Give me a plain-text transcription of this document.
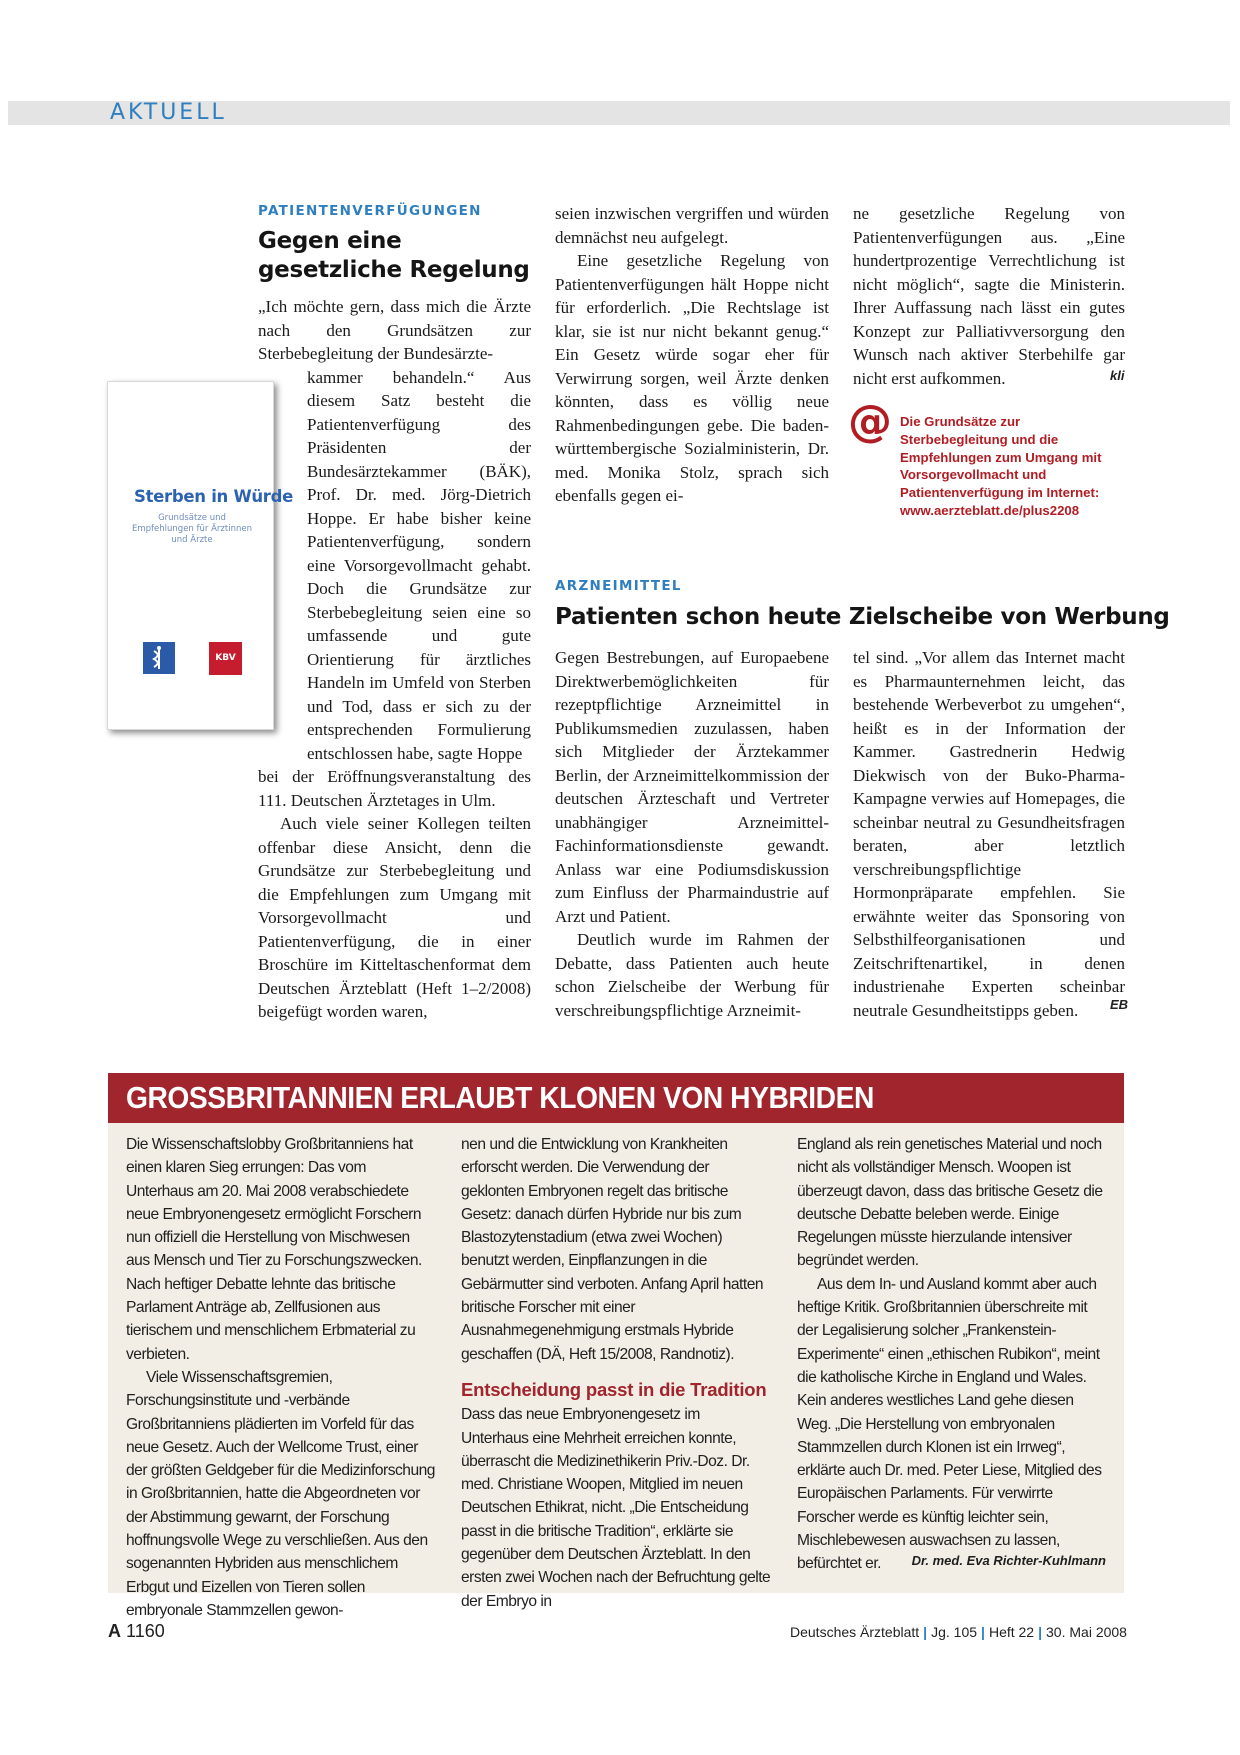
AKTUELL
PATIENTENVERFÜGUNGEN
Gegen eine gesetzliche Regelung

„Ich möchte gern, dass mich die Ärzte nach den Grundsätzen zur Sterbebegleitung der Bundesärzte-

kammer behandeln.“ Aus diesem Satz besteht die Patientenverfügung des Präsidenten der Bundesärztekammer (BÄK), Prof. Dr. med. Jörg-Dietrich Hoppe. Er habe bisher keine Patientenverfügung, sondern eine Vorsorgevollmacht gehabt. Doch die Grundsätze zur Sterbebegleitung seien eine so umfassende und gute Orientierung für ärztliches Handeln im Umfeld von Sterben und Tod, dass er sich zu der entsprechenden Formulierung entschlossen habe, sagte Hoppe

bei der Eröffnungsveranstaltung des 111. Deutschen Ärztetages in Ulm.

Auch viele seiner Kollegen teilten offenbar diese Ansicht, denn die Grundsätze zur Sterbebegleitung und die Empfehlungen zum Umgang mit Vorsorgevollmacht und Patientenverfügung, die in einer Broschüre im Kitteltaschenformat dem Deutschen Ärzteblatt (Heft 1–2/2008) beigefügt worden waren,

Sterben in Würde
Grundsätze und Empfehlungen für Ärztinnen und Ärzte
KBV

seien inzwischen vergriffen und würden demnächst neu aufgelegt.

Eine gesetzliche Regelung von Patientenverfügungen hält Hoppe nicht für erforderlich. „Die Rechtslage ist klar, sie ist nur nicht bekannt genug.“ Ein Gesetz würde sogar eher für Verwirrung sorgen, weil Ärzte denken könnten, dass es völlig neue Rahmenbedingungen gebe. Die baden-württembergische Sozialministerin, Dr. med. Monika Stolz, sprach sich ebenfalls gegen ei-

ne gesetzliche Regelung von Patientenverfügungen aus. „Eine hundertprozentige Verrechtlichung ist nicht möglich“, sagte die Ministerin. Ihrer Auffassung nach lässt ein gutes Konzept zur Palliativversorgung den Wunsch nach aktiver Sterbehilfe gar nicht erst aufkommen.	kli
@ Die Grundsätze zur Sterbebegleitung und die Empfehlungen zum Umgang mit Vorsorgevollmacht und Patientenverfügung im Internet: www.aerzteblatt.de/plus2208
ARZNEIMITTEL
Patienten schon heute Zielscheibe von Werbung

Gegen Bestrebungen, auf Europaebene Direktwerbemöglichkeiten für rezeptpflichtige Arzneimittel in Publikumsmedien zuzulassen, haben sich Mitglieder der Ärztekammer Berlin, der Arzneimittelkommission der deutschen Ärzteschaft und Vertreter unabhängiger Arzneimittel-Fachinformationsdienste gewandt. Anlass war eine Podiumsdiskussion zum Einfluss der Pharmaindustrie auf Arzt und Patient.

Deutlich wurde im Rahmen der Debatte, dass Patienten auch heute schon Zielscheibe der Werbung für verschreibungspflichtige Arzneimit-

tel sind. „Vor allem das Internet macht es Pharmaunternehmen leicht, das bestehende Werbeverbot zu umgehen“, heißt es in der Information der Kammer. Gastrednerin Hedwig Diekwisch von der Buko-Pharma-Kampagne verwies auf Homepages, die scheinbar neutral zu Gesundheitsfragen beraten, aber letztlich verschreibungspflichtige Hormonpräparate empfehlen. Sie erwähnte weiter das Sponsoring von Selbsthilfeorganisationen und Zeitschriftenartikel, in denen industrienahe Experten scheinbar neutrale Gesundheitstipps geben.	EB
GROSSBRITANNIEN ERLAUBT KLONEN VON HYBRIDEN

Die Wissenschaftslobby Großbritanniens hat einen klaren Sieg errungen: Das vom Unterhaus am 20. Mai 2008 verabschiedete neue Embryonengesetz ermöglicht Forschern nun offiziell die Herstellung von Mischwesen aus Mensch und Tier zu Forschungszwecken. Nach heftiger Debatte lehnte das britische Parlament Anträge ab, Zellfusionen aus tierischem und menschlichem Erbmaterial zu verbieten.

Viele Wissenschaftsgremien, Forschungsinstitute und -verbände Großbritanniens plädierten im Vorfeld für das neue Gesetz. Auch der Wellcome Trust, einer der größten Geldgeber für die Medizinforschung in Großbritannien, hatte die Abgeordneten vor der Abstimmung gewarnt, der Forschung hoffnungsvolle Wege zu verschließen. Aus den sogenannten Hybriden aus menschlichem Erbgut und Eizellen von Tieren sollen embryonale Stammzellen gewon-

nen und die Entwicklung von Krankheiten erforscht werden. Die Verwendung der geklonten Embryonen regelt das britische Gesetz: danach dürfen Hybride nur bis zum Blastozytenstadium (etwa zwei Wochen) benutzt werden, Einpflanzungen in die Gebärmutter sind verboten. Anfang April hatten britische Forscher mit einer Ausnahmegenehmigung erstmals Hybride geschaffen (DÄ, Heft 15/2008, Randnotiz).

Entscheidung passt in die Tradition

Dass das neue Embryonengesetz im Unterhaus eine Mehrheit erreichen konnte, überrascht die Medizinethikerin Priv.-Doz. Dr. med. Christiane Woopen, Mitglied im neuen Deutschen Ethikrat, nicht. „Die Entscheidung passt in die britische Tradition“, erklärte sie gegenüber dem Deutschen Ärzteblatt. In den ersten zwei Wochen nach der Befruchtung gelte der Embryo in

England als rein genetisches Material und noch nicht als vollständiger Mensch. Woopen ist überzeugt davon, dass das britische Gesetz die deutsche Debatte beleben werde. Einige Regelungen müsste hierzulande intensiver begründet werden.

Aus dem In- und Ausland kommt aber auch heftige Kritik. Großbritannien überschreite mit der Legalisierung solcher „Frankenstein-Experimente“ einen „ethischen Rubikon“, meint die katholische Kirche in England und Wales. Kein anderes westliches Land gehe diesen Weg. „Die Herstellung von embryonalen Stammzellen durch Klonen ist ein Irrweg“, erklärte auch Dr. med. Peter Liese, Mitglied des Europäischen Parlaments. Für verwirrte Forscher werde es künftig leichter sein, Mischlebewesen auswachsen zu lassen, befürchtet er.	Dr. med. Eva Richter-Kuhlmann
A 1160	Deutsches Ärzteblatt | Jg. 105 | Heft 22 | 30. Mai 2008
